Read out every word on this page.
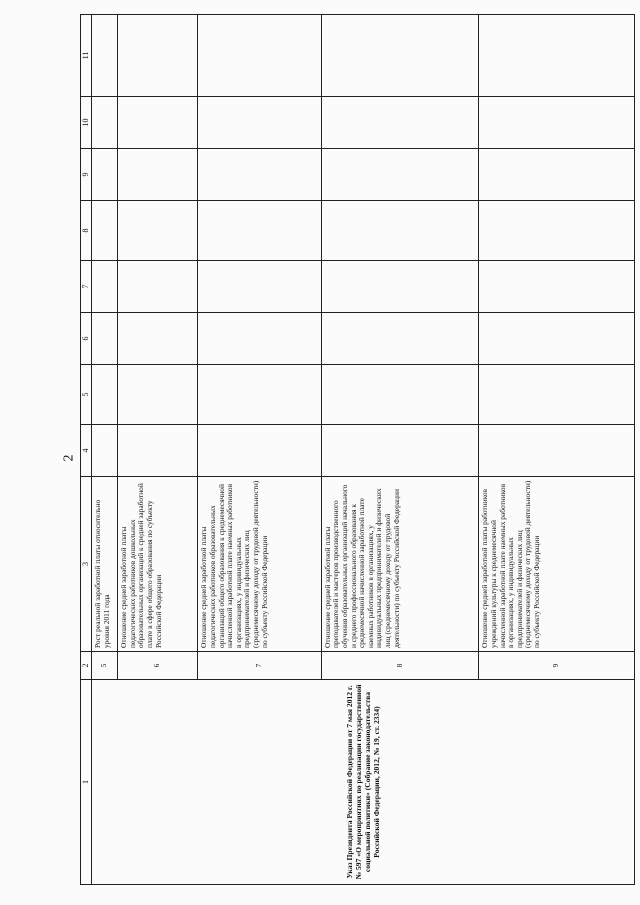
2
1	2	3	4	5	6	7	8	9	10	11
Указ Президента Российской Федерации от 7 мая 2012 г. № 597 «О мероприятиях по реализации государственной социальной политики» (Собрание законодательства Российской Федерации, 2012, № 19, ст. 2334)	5	Рост реальной заработной платы относительно уровня 2011 года								
	6	Отношение средней заработной платы педагогических работников дошкольных образовательных организаций к средней заработной плате в сфере общего образования по субъекту Российской Федерации								
	7	Отношение средней заработной платы педагогических работников образовательных организаций общего образования к среднемесячной начисленной заработной плате наемных работников в организациях, у индивидуальных предпринимателей и физических лиц (среднемесячному доходу от трудовой деятельности) по субъекту Российской Федерации								
	8	Отношение средней заработной платы преподавателей и мастеров производственного обучения образовательных организаций начального и среднего профессионального образования к среднемесячной начисленной заработной плате наемных работников в организациях, у индивидуальных предпринимателей и физических лиц (среднемесячному доходу от трудовой деятельности) по субъекту Российской Федерации								
	9	Отношение средней заработной платы работников учреждений культуры к среднемесячной начисленной заработной плате наемных работников в организациях, у индивидуальных предпринимателей и физических лиц (среднемесячному доходу от трудовой деятельности) по субъекту Российской Федерации								
